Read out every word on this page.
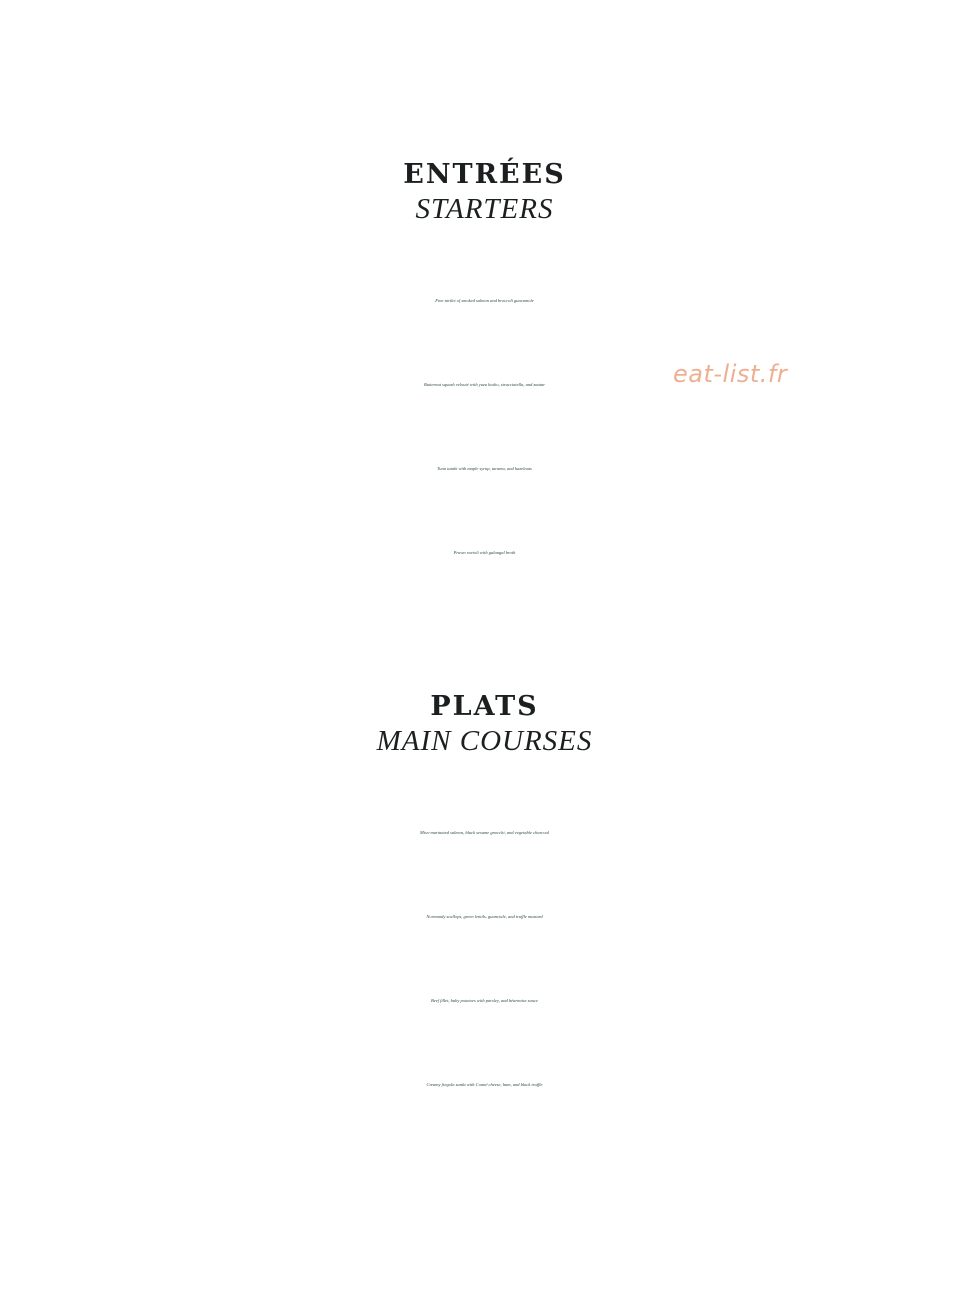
ENTRÉES
STARTERS
Fine tartlet of smoked salmon and broccoli guacamole
Butternut squash velouté with yuzu kosho, stracciatella, and zaatar
Tuna tataki with maple syrup, tarama, and hazelnuts
Prawn ravioli with galangal broth
eat-list.fr
PLATS
MAIN COURSES
Miso-marinated salmon, black sesame gnocchi, and vegetable charcoal
Normandy scallops, green lentils, guanciale, and truffle mustard
Beef fillet, baby potatoes with parsley, and béarnaise sauce
Creamy fregola sarda with Comté cheese, ham, and black truffle
